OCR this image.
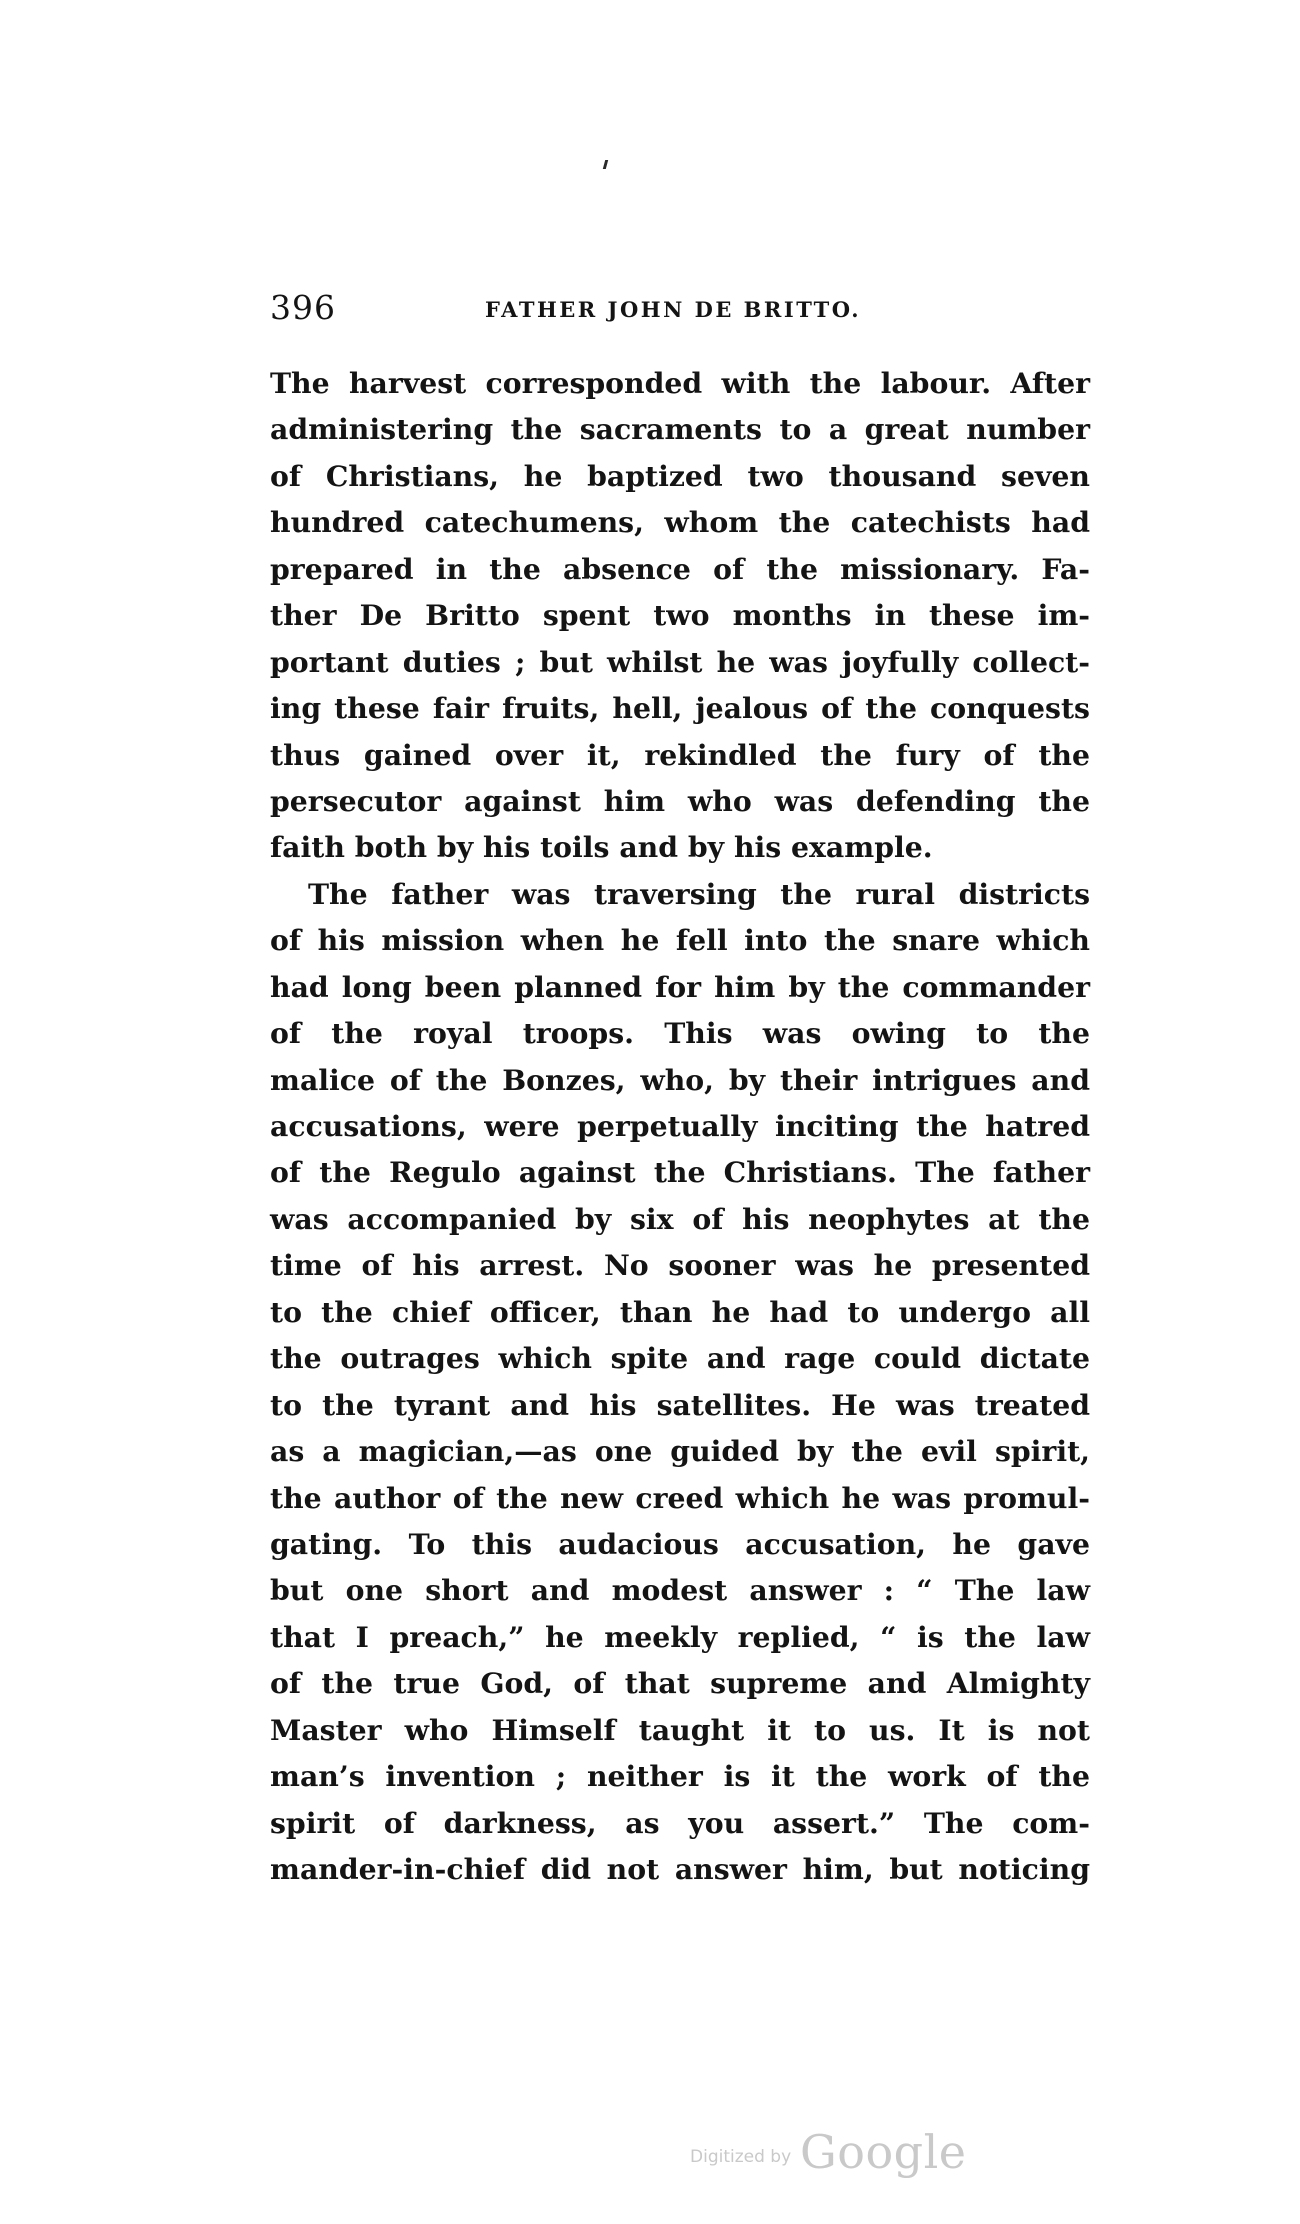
396	FATHER JOHN DE BRITTO.
The harvest corresponded with the labour. After
administering the sacraments to a great number
of Christians, he baptized two thousand seven
hundred catechumens, whom the catechists had
prepared in the absence of the missionary. Fa-
ther De Britto spent two months in these im-
portant duties ; but whilst he was joyfully collect-
ing these fair fruits, hell, jealous of the conquests
thus gained over it, rekindled the fury of the
persecutor against him who was defending the
faith both by his toils and by his example.
The father was traversing the rural districts
of his mission when he fell into the snare which
had long been planned for him by the commander
of the royal troops. This was owing to the
malice of the Bonzes, who, by their intrigues and
accusations, were perpetually inciting the hatred
of the Regulo against the Christians. The father
was accompanied by six of his neophytes at the
time of his arrest. No sooner was he presented
to the chief officer, than he had to undergo all
the outrages which spite and rage could dictate
to the tyrant and his satellites. He was treated
as a magician,—as one guided by the evil spirit,
the author of the new creed which he was promul-
gating. To this audacious accusation, he gave
but one short and modest answer : “ The law
that I preach,” he meekly replied, “ is the law
of the true God, of that supreme and Almighty
Master who Himself taught it to us. It is not
man’s invention ; neither is it the work of the
spirit of darkness, as you assert.” The com-
mander-in-chief did not answer him, but noticing
Digitized by Google
